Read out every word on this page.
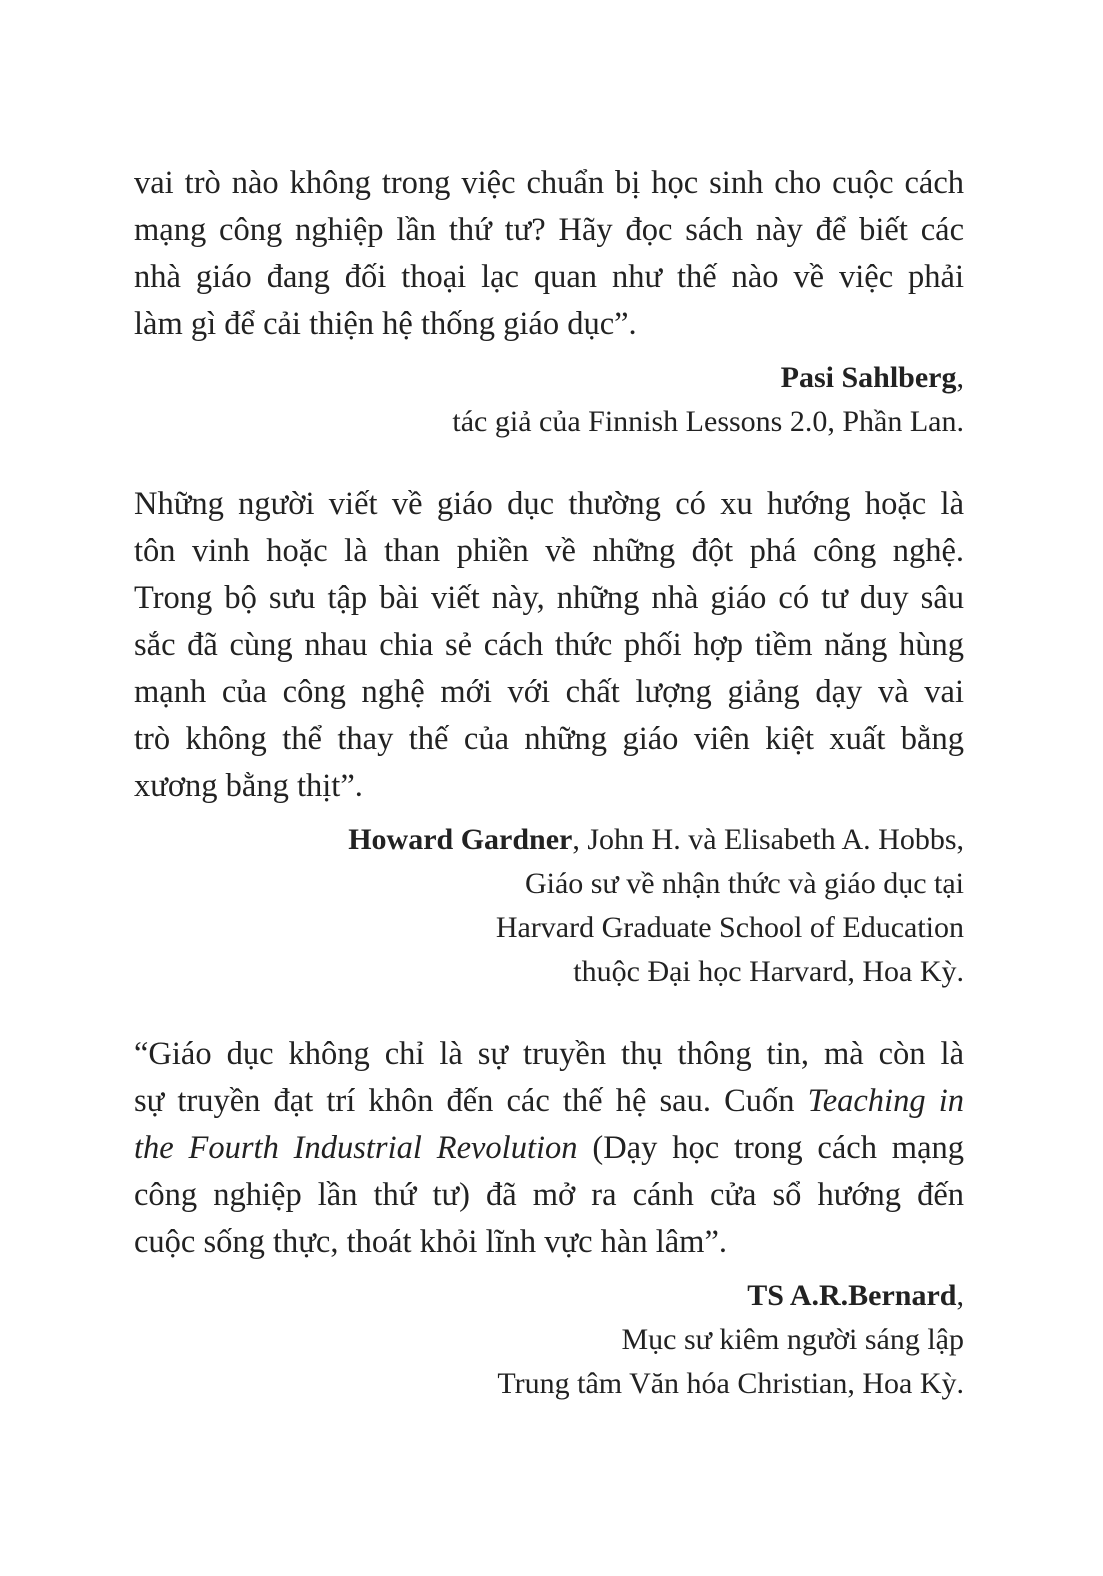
vai trò nào không trong việc chuẩn bị học sinh cho cuộc cách
mạng công nghiệp lần thứ tư? Hãy đọc sách này để biết các
nhà giáo đang đối thoại lạc quan như thế nào về việc phải
làm gì để cải thiện hệ thống giáo dục”.
Pasi Sahlberg,
tác giả của Finnish Lessons 2.0, Phần Lan.
Những người viết về giáo dục thường có xu hướng hoặc là
tôn vinh hoặc là than phiền về những đột phá công nghệ.
Trong bộ sưu tập bài viết này, những nhà giáo có tư duy sâu
sắc đã cùng nhau chia sẻ cách thức phối hợp tiềm năng hùng
mạnh của công nghệ mới với chất lượng giảng dạy và vai
trò không thể thay thế của những giáo viên kiệt xuất bằng
xương bằng thịt”.
Howard Gardner, John H. và Elisabeth A. Hobbs,
Giáo sư về nhận thức và giáo dục tại
Harvard Graduate School of Education
thuộc Đại học Harvard, Hoa Kỳ.
“Giáo dục không chỉ là sự truyền thụ thông tin, mà còn là
sự truyền đạt trí khôn đến các thế hệ sau. Cuốn Teaching in
the Fourth Industrial Revolution (Dạy học trong cách mạng
công nghiệp lần thứ tư) đã mở ra cánh cửa sổ hướng đến
cuộc sống thực, thoát khỏi lĩnh vực hàn lâm”.
TS A.R.Bernard,
Mục sư kiêm người sáng lập
Trung tâm Văn hóa Christian, Hoa Kỳ.
